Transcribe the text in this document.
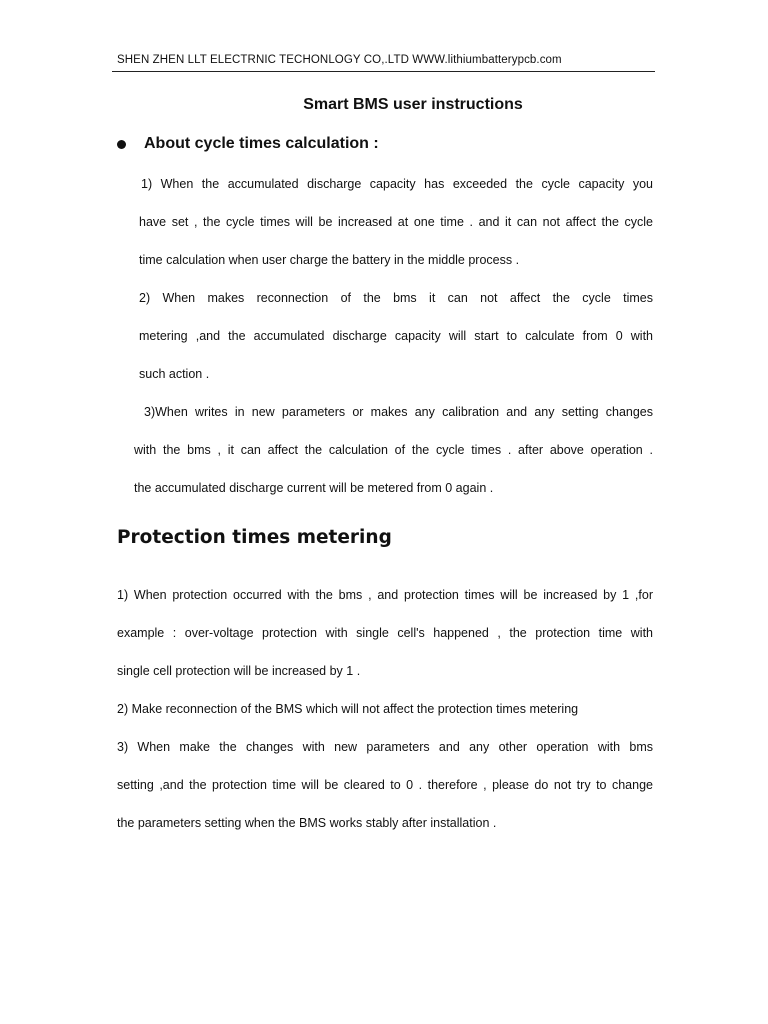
SHEN ZHEN LLT ELECTRNIC TECHONLOGY CO,.LTD WWW.lithiumbatterypcb.com
Smart BMS user instructions
About cycle times calculation :
1) When the accumulated discharge capacity has exceeded the cycle capacity you
have set , the cycle times will be increased at one time . and it can not affect the cycle
time calculation when user charge the battery in the middle process .
2) When makes reconnection of the bms it can not affect the cycle times
metering ,and the accumulated discharge capacity will start to calculate from 0 with
such action .
3)When writes in new parameters or makes any calibration and any setting changes
with the bms , it can affect the calculation of the cycle times . after above operation .
the accumulated discharge current will be metered from 0 again .
Protection times metering
1) When protection occurred with the bms , and protection times will be increased by 1 ,for
example : over-voltage protection with single cell's happened , the protection time with
single cell protection will be increased by 1 .
2) Make reconnection of the BMS which will not affect the protection times metering
3) When make the changes with new parameters and any other operation with bms
setting ,and the protection time will be cleared to 0 . therefore , please do not try to change
the parameters setting when the BMS works stably after installation .
